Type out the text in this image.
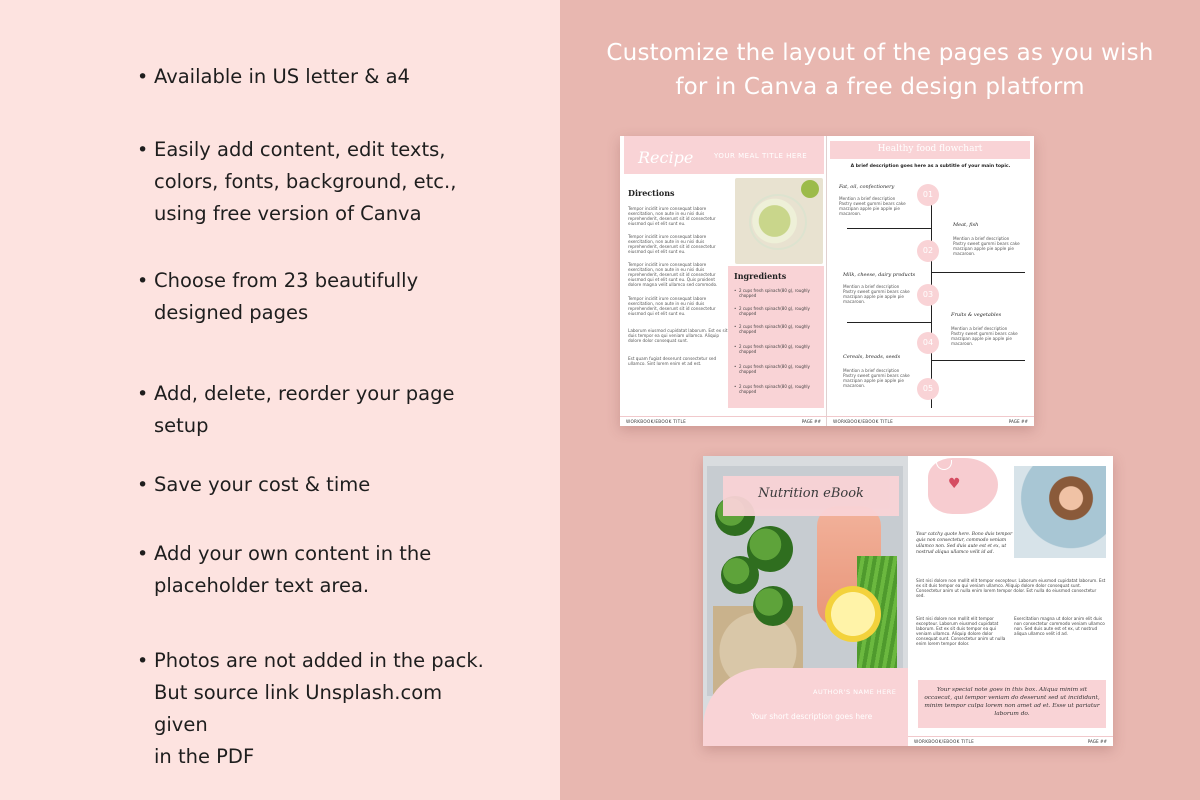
• Available in US letter & a4
• Easily add content, edit texts,
colors, fonts, background, etc.,
using free version of Canva
• Choose from 23 beautifully
designed pages
• Add, delete, reorder your page
setup
• Save your cost & time
• Add your own content in the
placeholder text area.
• Photos are not added in the pack.
But source link Unsplash.com given
in the PDF
Customize the layout of the pages as you wish
for in Canva a free design platform
Recipe	YOUR MEAL TITLE HERE
Directions
Tempor incidit irure consequat labore exercitation, non aute in eu nisi duis reprehenderit, deserunt sit id consectetur eiusmod qui et elit sunt eu.
Tempor incidit irure consequat labore exercitation, non aute in eu nisi duis reprehenderit, deserunt sit id consectetur eiusmod qui et elit sunt eu.
Tempor incidit irure consequat labore exercitation, non aute in eu nisi duis reprehenderit, deserunt sit id consectetur eiusmod qui et elit sunt eu. Quis proident dolore magna velit ullamco sed commodo.
Tempor incidit irure consequat labore exercitation, non aute in eu nisi duis reprehenderit, deserunt sit id consectetur eiusmod qui et elit sunt eu.
Laborum eiusmod cupidatat laborum. Est ex sit duis tempor ea qui veniam ullamco. Aliquip dolore dolor consequat sunt.
Est quam fugiat deserunt consectetur sed ullamco. Sint lorem enim et ad est.
Ingredients
• 2 cups fresh spinach(80 g), roughly chopped
• 2 cups fresh spinach(80 g), roughly chopped
• 2 cups fresh spinach(80 g), roughly chopped
• 2 cups fresh spinach(80 g), roughly chopped
• 2 cups fresh spinach(80 g), roughly chopped
• 2 cups fresh spinach(80 g), roughly chopped
WORKBOOK/EBOOK TITLE	PAGE ##
Healthy food flowchart
A brief description goes here as a subtitle of your main topic.
Fat, oil, confectionery
Mention a brief description Pastry sweet gummi bears cake marzipan apple pie apple pie macaroon.
01
02
Meat, fish
Mention a brief description Pastry sweet gummi bears cake marzipan apple pie apple pie macaroon.
Milk, cheese, dairy products
Mention a brief description Pastry sweet gummi bears cake marzipan apple pie apple pie macaroon.
03
04
Fruits & vegetables
Mention a brief description Pastry sweet gummi bears cake marzipan apple pie apple pie macaroon.
Cereals, breads, seeds
Mention a brief description Pastry sweet gummi bears cake marzipan apple pie apple pie macaroon.	05
WORKBOOK/EBOOK TITLE	PAGE ##
Nutrition eBook
AUTHOR'S NAME HERE
Your short description goes here
♥
Your catchy quote here. Bono duis tempor quis non consectetur, commodo veniam ullamco non. Sed duis aute est et ex, ut nostrud aliqua ullamco velit id ad.
Sint nisi dolore non mollit elit tempor excepteur. Laborum eiusmod cupidatat laborum. Est ex sit duis tempor ea qui veniam ullamco. Aliquip dolore dolor consequat sunt. Consectetur anim ut nulla enim lorem tempor dolor. Est nulla do eiusmod consectetur sed.
Sint nisi dolore non mollit elit tempor excepteur. Laborum eiusmod cupidatat laborum. Est ex sit duis tempor ea qui veniam ullamco. Aliquip dolore dolor consequat sunt. Consectetur anim ut nulla enim lorem tempor dolor.
Exercitation magna ut dolor anim elit duis non consectetur commodo veniam ullamco non. Sed duis aute est et ex, ut nostrud aliqua ullamco velit id ad.
Your special note goes in this box. Aliqua minim sit occaecat, qui tempor veniam do deserunt sed ut incididunt, minim tempor culpa lorem non amet ad et. Esse ut pariatur laborum do.
WORKBOOK/EBOOK TITLE	PAGE ##
